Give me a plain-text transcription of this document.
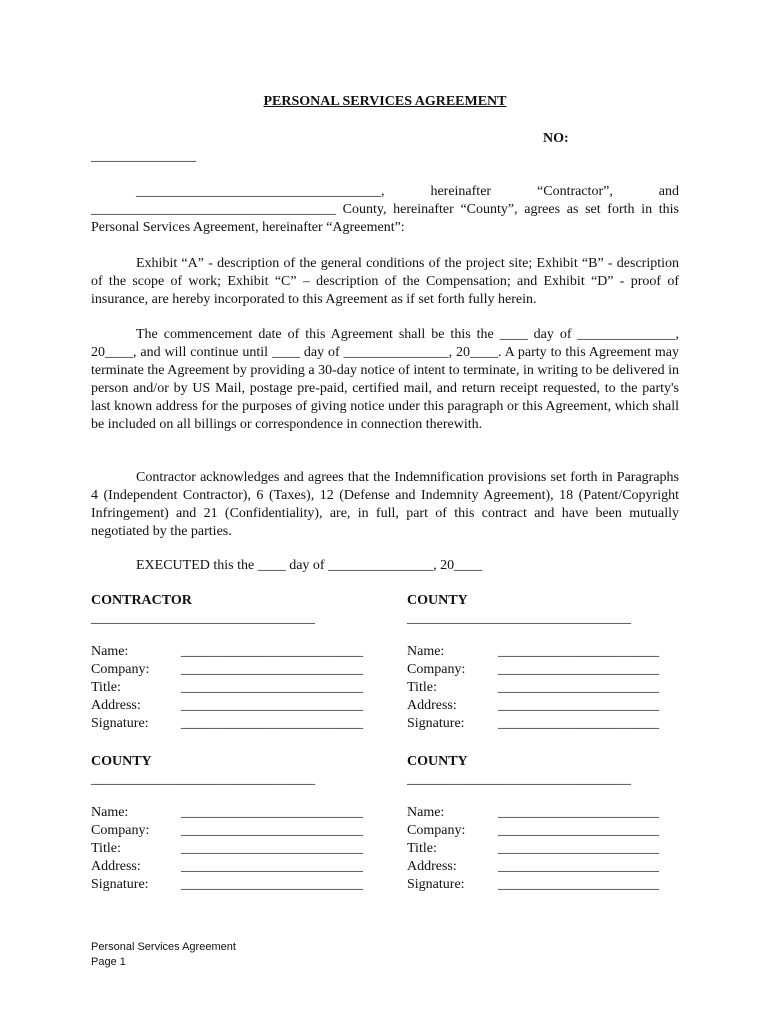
PERSONAL SERVICES AGREEMENT
NO:
_______________

___________________________________, hereinafter “Contractor”, and ___________________________________ County, hereinafter “County”, agrees as set forth in this Personal Services Agreement, hereinafter “Agreement”:

Exhibit “A” - description of the general conditions of the project site; Exhibit “B” - description of the scope of work; Exhibit “C” – description of the Compensation; and Exhibit “D” - proof of insurance, are hereby incorporated to this Agreement as if set forth fully herein.

The commencement date of this Agreement shall be this the ____ day of ______________, 20____, and will continue until ____ day of _______________, 20____. A party to this Agreement may terminate the Agreement by providing a 30-day notice of intent to terminate, in writing to be delivered in person and/or by US Mail, postage pre-paid, certified mail, and return receipt requested, to the party's last known address for the purposes of giving notice under this paragraph or this Agreement, which shall be included on all billings or correspondence in connection therewith.

Contractor acknowledges and agrees that the Indemnification provisions set forth in Paragraphs 4 (Independent Contractor), 6 (Taxes), 12 (Defense and Indemnity Agreement), 18 (Patent/Copyright Infringement) and 21 (Confidentiality), are, in full, part of this contract and have been mutually negotiated by the parties.

EXECUTED this the ____ day of _______________, 20____
CONTRACTOR
________________________________
Name:
Company:
Title:
Address:
Signature:
__________________________
__________________________
__________________________
__________________________
__________________________
COUNTY
________________________________
Name:
Company:
Title:
Address:
Signature:
_______________________
_______________________
_______________________
_______________________
_______________________
COUNTY
________________________________
Name:
Company:
Title:
Address:
Signature:
__________________________
__________________________
__________________________
__________________________
__________________________
COUNTY
________________________________
Name:
Company:
Title:
Address:
Signature:
_______________________
_______________________
_______________________
_______________________
_______________________
Personal Services Agreement
Page 1
